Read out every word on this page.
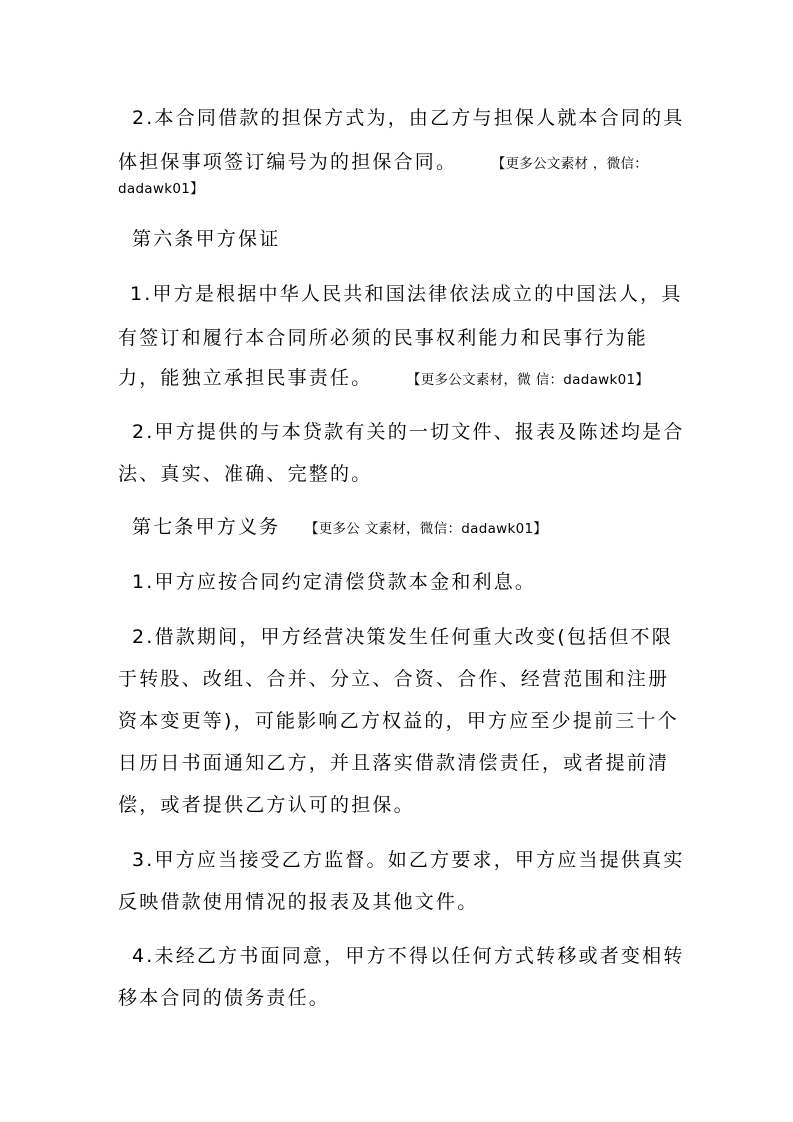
2.本合同借款的担保方式为，由乙方与担保人就本合同的具

体担保事项签订编号为的担保合同。	【更多公文素材 ，微信：

dadawk01】

第六条甲方保证

1.甲方是根据中华人民共和国法律依法成立的中国法人，具

有签订和履行本合同所必须的民事权利能力和民事行为能

力，能独立承担民事责任。	【更多公文素材，微 信：dadawk01】

2.甲方提供的与本贷款有关的一切文件、报表及陈述均是合

法、真实、准确、完整的。

第七条甲方义务 【更多公 文素材，微信：dadawk01】

1.甲方应按合同约定清偿贷款本金和利息。

2.借款期间，甲方经营决策发生任何重大改变(包括但不限

于转股、改组、合并、分立、合资、合作、经营范围和注册

资本变更等)，可能影响乙方权益的，甲方应至少提前三十个

日历日书面通知乙方，并且落实借款清偿责任，或者提前清

偿，或者提供乙方认可的担保。

3.甲方应当接受乙方监督。如乙方要求，甲方应当提供真实

反映借款使用情况的报表及其他文件。

4.未经乙方书面同意，甲方不得以任何方式转移或者变相转

移本合同的债务责任。
